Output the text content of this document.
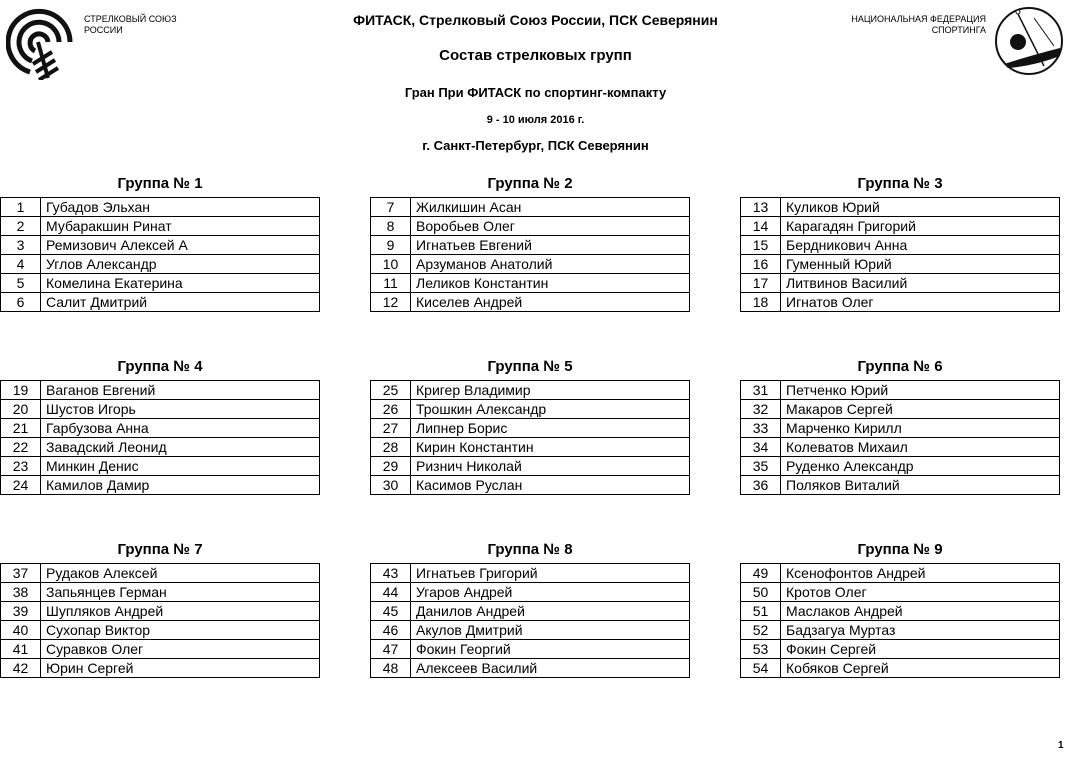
СТРЕЛКОВЫЙ СОЮЗ
РОССИИ
НАЦИОНАЛЬНАЯ ФЕДЕРАЦИЯ
СПОРТИНГА
ФИТАСК, Стрелковый Союз России, ПСК Северянин
Состав стрелковых групп
Гран При ФИТАСК по спортинг-компакту
9 - 10 июля 2016 г.
г. Санкт-Петербург, ПСК Северянин
Группа № 1
1	Губадов Эльхан
2	Мубаракшин Ринат
3	Ремизович Алексей А
4	Углов Александр
5	Комелина Екатерина
6	Салит Дмитрий
Группа № 2
7	Жилкишин Асан
8	Воробьев Олег
9	Игнатьев Евгений
10	Арзуманов Анатолий
11	Леликов Константин
12	Киселев Андрей
Группа № 3
13	Куликов Юрий
14	Карагадян Григорий
15	Бердникович Анна
16	Гуменный Юрий
17	Литвинов Василий
18	Игнатов Олег
Группа № 4
19	Ваганов Евгений
20	Шустов Игорь
21	Гарбузова Анна
22	Завадский Леонид
23	Минкин Денис
24	Камилов Дамир
Группа № 5
25	Кригер Владимир
26	Трошкин Александр
27	Липнер Борис
28	Кирин Константин
29	Ризнич Николай
30	Касимов Руслан
Группа № 6
31	Петченко Юрий
32	Макаров Сергей
33	Марченко Кирилл
34	Колеватов Михаил
35	Руденко Александр
36	Поляков Виталий
Группа № 7
37	Рудаков Алексей
38	Запьянцев Герман
39	Шупляков Андрей
40	Сухопар Виктор
41	Суравков Олег
42	Юрин Сергей
Группа № 8
43	Игнатьев Григорий
44	Угаров Андрей
45	Данилов Андрей
46	Акулов Дмитрий
47	Фокин Георгий
48	Алексеев Василий
Группа № 9
49	Ксенофонтов Андрей
50	Кротов Олег
51	Маслаков Андрей
52	Бадзагуа Муртаз
53	Фокин Сергей
54	Кобяков Сергей
1
